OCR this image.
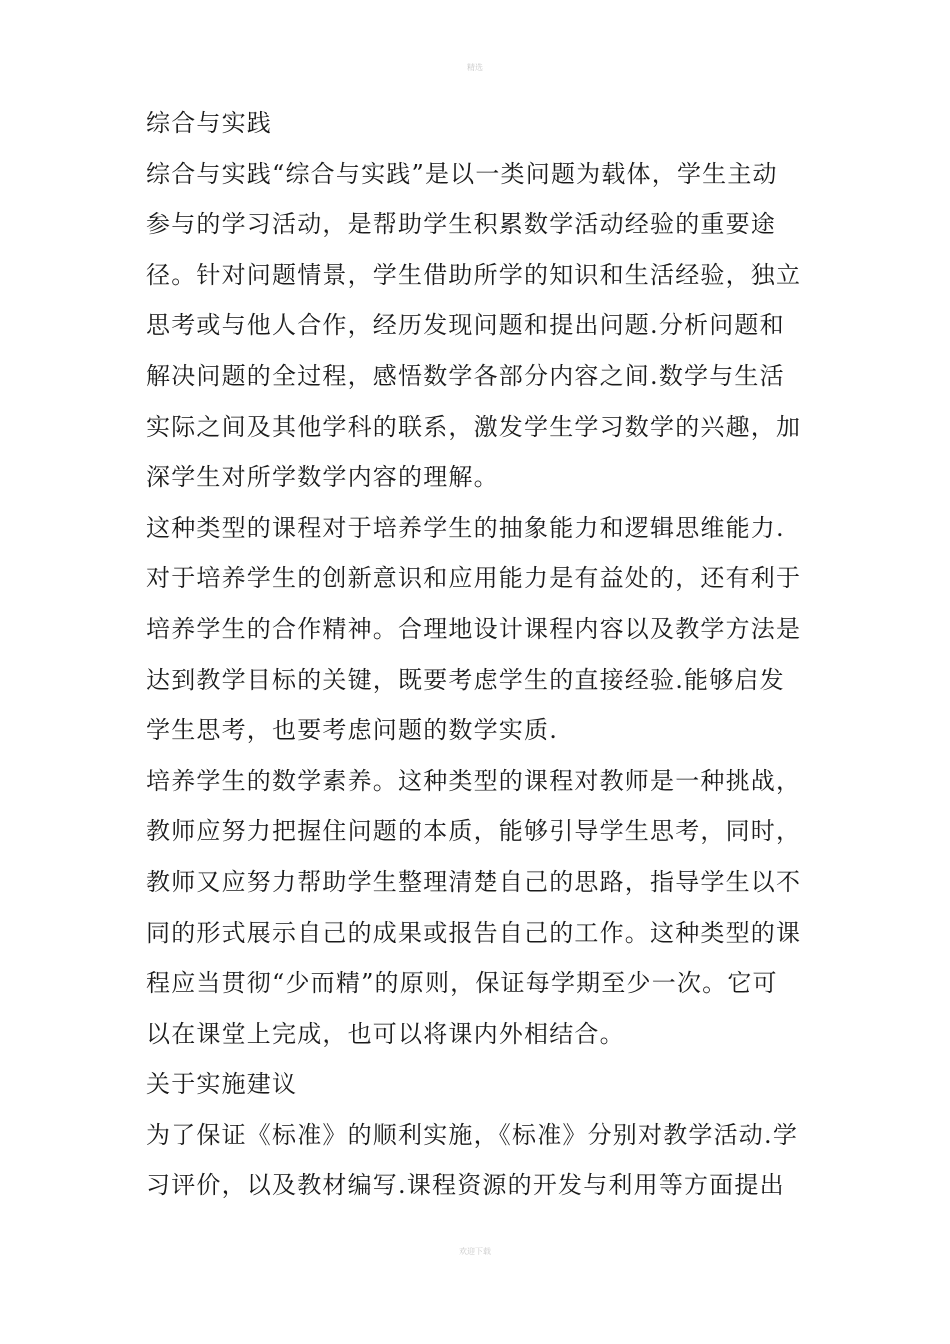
精选
综合与实践
综合与实践“综合与实践”是以一类问题为载体，学生主动
参与的学习活动，是帮助学生积累数学活动经验的重要途
径。针对问题情景，学生借助所学的知识和生活经验，独立
思考或与他人合作，经历发现问题和提出问题.分析问题和
解决问题的全过程，感悟数学各部分内容之间.数学与生活
实际之间及其他学科的联系，激发学生学习数学的兴趣，加
深学生对所学数学内容的理解。
这种类型的课程对于培养学生的抽象能力和逻辑思维能力.
对于培养学生的创新意识和应用能力是有益处的，还有利于
培养学生的合作精神。合理地设计课程内容以及教学方法是
达到教学目标的关键，既要考虑学生的直接经验.能够启发
学生思考，也要考虑问题的数学实质.
培养学生的数学素养。这种类型的课程对教师是一种挑战，
教师应努力把握住问题的本质，能够引导学生思考，同时，
教师又应努力帮助学生整理清楚自己的思路，指导学生以不
同的形式展示自己的成果或报告自己的工作。这种类型的课
程应当贯彻“少而精”的原则，保证每学期至少一次。它可
以在课堂上完成，也可以将课内外相结合。
关于实施建议
为了保证《标准》的顺利实施，《标准》分别对教学活动.学
习评价，以及教材编写.课程资源的开发与利用等方面提出
欢迎下载
